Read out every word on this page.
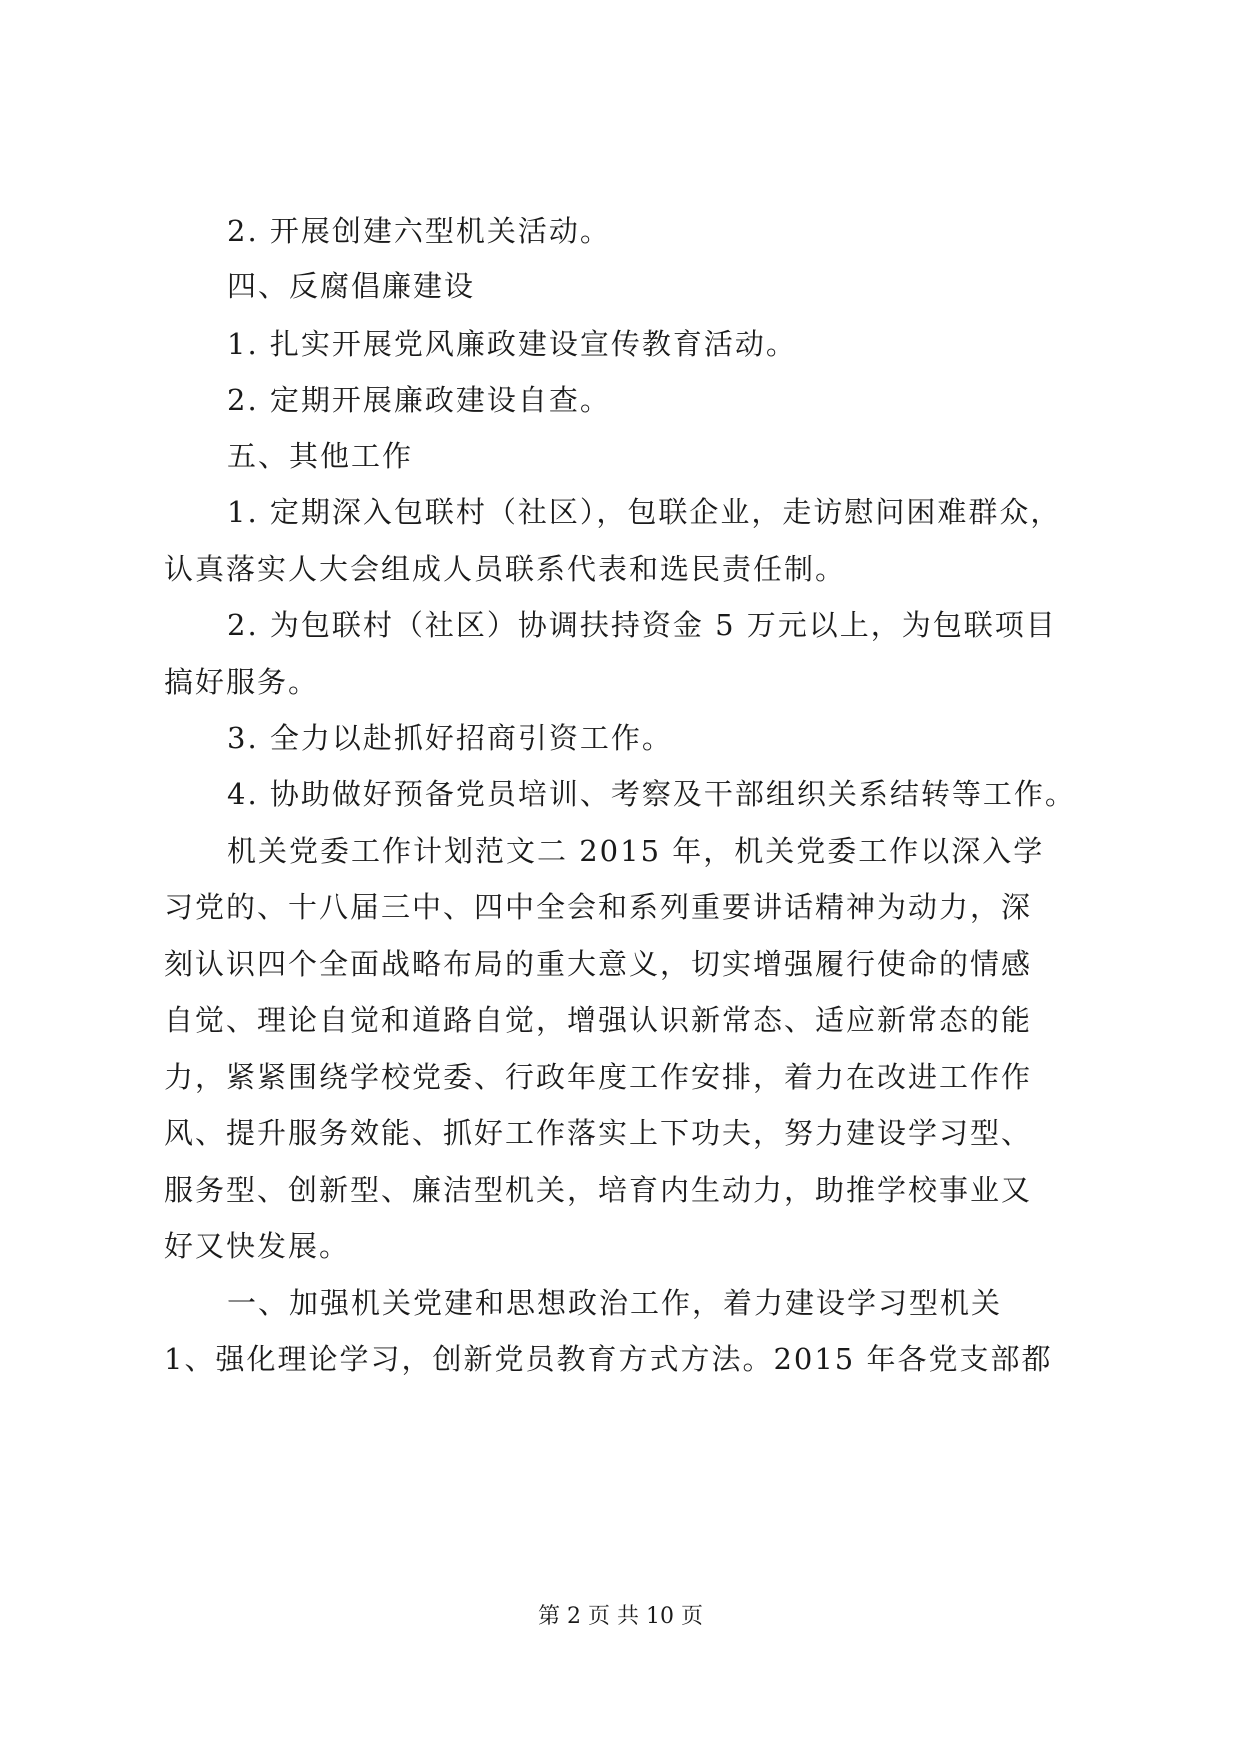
2. 开展创建六型机关活动。
四、反腐倡廉建设
1. 扎实开展党风廉政建设宣传教育活动。
2. 定期开展廉政建设自查。
五、其他工作
1. 定期深入包联村（社区），包联企业，走访慰问困难群众，
认真落实人大会组成人员联系代表和选民责任制。
2. 为包联村（社区）协调扶持资金 5 万元以上，为包联项目
搞好服务。
3. 全力以赴抓好招商引资工作。
4. 协助做好预备党员培训、考察及干部组织关系结转等工作。
机关党委工作计划范文二 2015 年，机关党委工作以深入学
习党的、十八届三中、四中全会和系列重要讲话精神为动力，深
刻认识四个全面战略布局的重大意义，切实增强履行使命的情感
自觉、理论自觉和道路自觉，增强认识新常态、适应新常态的能
力，紧紧围绕学校党委、行政年度工作安排，着力在改进工作作
风、提升服务效能、抓好工作落实上下功夫，努力建设学习型、
服务型、创新型、廉洁型机关，培育内生动力，助推学校事业又
好又快发展。
一、加强机关党建和思想政治工作，着力建设学习型机关
1、强化理论学习，创新党员教育方式方法。2015 年各党支部都
第 2 页 共 10 页
